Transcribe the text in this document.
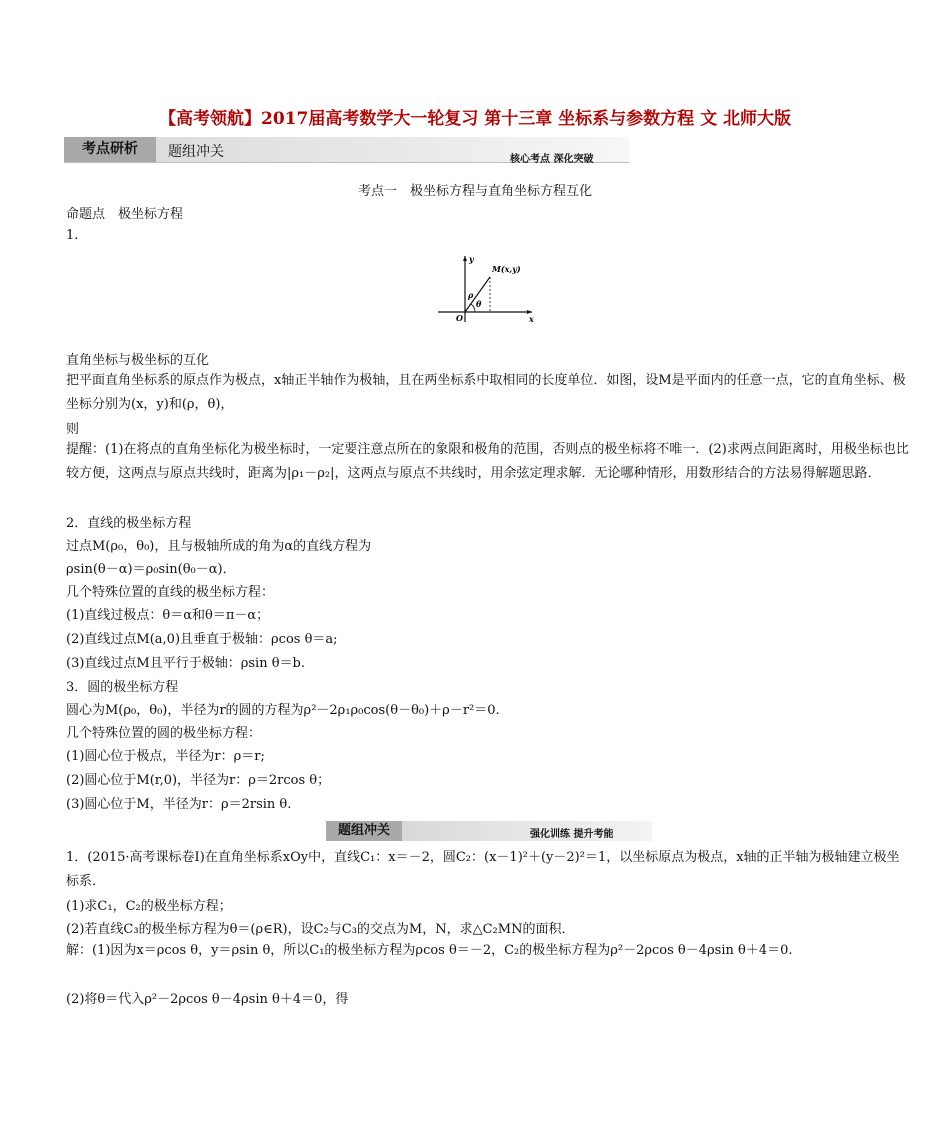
【高考领航】2017届高考数学大一轮复习 第十三章 坐标系与参数方程 文 北师大版
考点研析	题组冲关	核心考点 深化突破
考点一　极坐标方程与直角坐标方程互化
命题点　极坐标方程
1.
y
x
O
M(x,y)
ρ
θ
直角坐标与极坐标的互化
把平面直角坐标系的原点作为极点，x轴正半轴作为极轴，且在两坐标系中取相同的长度单位．如图，设M是平面内的任意一点，它的直角坐标、极坐标分别为(x，y)和(ρ，θ)，
则
提醒：(1)在将点的直角坐标化为极坐标时，一定要注意点所在的象限和极角的范围，否则点的极坐标将不唯一．(2)求两点间距离时，用极坐标也比较方便，这两点与原点共线时，距离为|ρ₁－ρ₂|，这两点与原点不共线时，用余弦定理求解．无论哪种情形，用数形结合的方法易得解题思路．
2．直线的极坐标方程
过点M(ρ₀，θ₀)，且与极轴所成的角为α的直线方程为
ρsin(θ－α)＝ρ₀sin(θ₀－α)．
几个特殊位置的直线的极坐标方程：
(1)直线过极点：θ＝α和θ＝π－α；
(2)直线过点M(a,0)且垂直于极轴：ρcos θ＝a;
(3)直线过点M且平行于极轴：ρsin θ＝b.
3．圆的极坐标方程
圆心为M(ρ₀，θ₀)，半径为r的圆的方程为ρ²－2ρ₁ρ₀cos(θ－θ₀)＋ρ－r²＝0.
几个特殊位置的圆的极坐标方程：
(1)圆心位于极点，半径为r：ρ＝r;
(2)圆心位于M(r,0)，半径为r：ρ＝2rcos θ；
(3)圆心位于M，半径为r：ρ＝2rsin θ.
题组冲关	强化训练 提升考能
1．(2015·高考课标卷Ⅰ)在直角坐标系xOy中，直线C₁：x＝－2，圆C₂：(x－1)²＋(y－2)²＝1，以坐标原点为极点，x轴的正半轴为极轴建立极坐标系．
(1)求C₁，C₂的极坐标方程；
(2)若直线C₃的极坐标方程为θ＝(ρ∈R)，设C₂与C₃的交点为M，N，求△C₂MN的面积．
解：(1)因为x＝ρcos θ，y＝ρsin θ，所以C₁的极坐标方程为ρcos θ＝－2，C₂的极坐标方程为ρ²－2ρcos θ－4ρsin θ＋4＝0.
(2)将θ＝代入ρ²－2ρcos θ－4ρsin θ＋4＝0，得
